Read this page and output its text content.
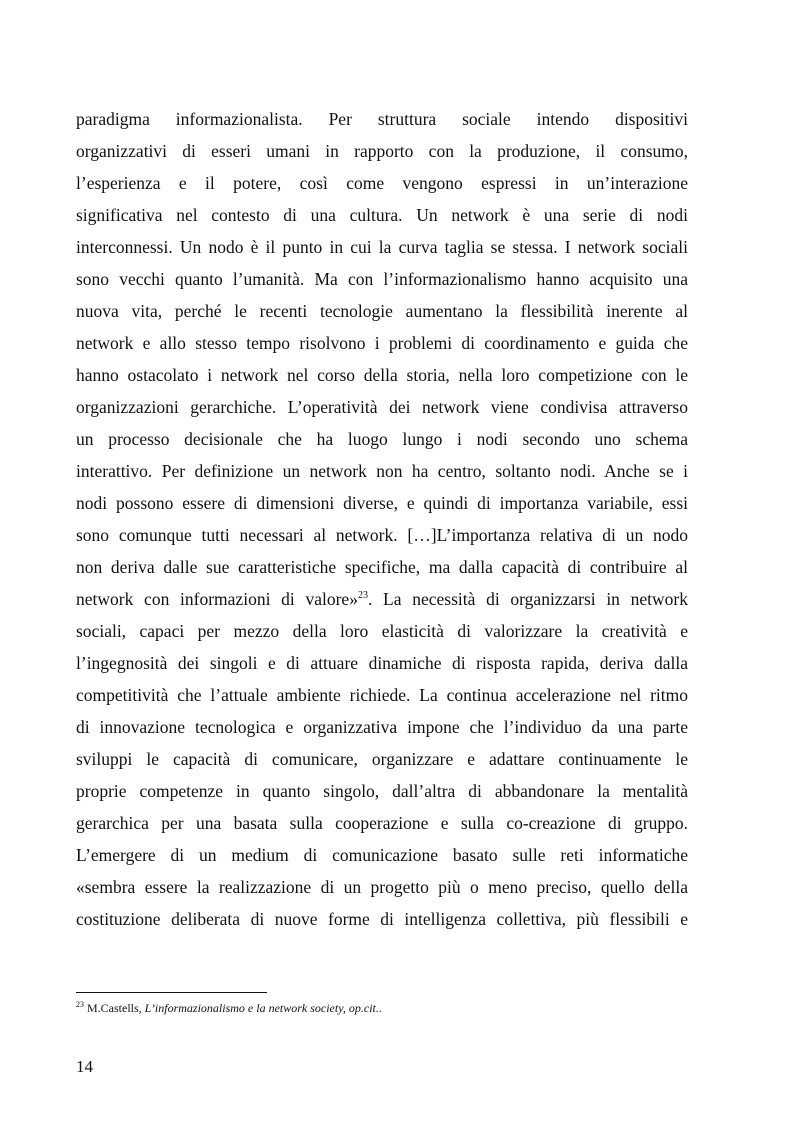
paradigma informazionalista. Per struttura sociale intendo dispositivi
organizzativi di esseri umani in rapporto con la produzione, il consumo,
l’esperienza e il potere, così come vengono espressi in un’interazione
significativa nel contesto di una cultura. Un network è una serie di nodi
interconnessi. Un nodo è il punto in cui la curva taglia se stessa. I network sociali
sono vecchi quanto l’umanità. Ma con l’informazionalismo hanno acquisito una
nuova vita, perché le recenti tecnologie aumentano la flessibilità inerente al
network e allo stesso tempo risolvono i problemi di coordinamento e guida che
hanno ostacolato i network nel corso della storia, nella loro competizione con le
organizzazioni gerarchiche. L’operatività dei network viene condivisa attraverso
un processo decisionale che ha luogo lungo i nodi secondo uno schema
interattivo. Per definizione un network non ha centro, soltanto nodi. Anche se i
nodi possono essere di dimensioni diverse, e quindi di importanza variabile, essi
sono comunque tutti necessari al network. […]L’importanza relativa di un nodo
non deriva dalle sue caratteristiche specifiche, ma dalla capacità di contribuire al
network con informazioni di valore»$^{23}$. La necessità di organizzarsi in network
sociali, capaci per mezzo della loro elasticità di valorizzare la creatività e
l’ingegnosità dei singoli e di attuare dinamiche di risposta rapida, deriva dalla
competitività che l’attuale ambiente richiede. La continua accelerazione nel ritmo
di innovazione tecnologica e organizzativa impone che l’individuo da una parte
sviluppi le capacità di comunicare, organizzare e adattare continuamente le
proprie competenze in quanto singolo, dall’altra di abbandonare la mentalità
gerarchica per una basata sulla cooperazione e sulla co-creazione di gruppo.
L’emergere di un medium di comunicazione basato sulle reti informatiche
«sembra essere la realizzazione di un progetto più o meno preciso, quello della
costituzione deliberata di nuove forme di intelligenza collettiva, più flessibili e
$^{23}$ M.Castells, L’informazionalismo e la network society, op.cit..
14
